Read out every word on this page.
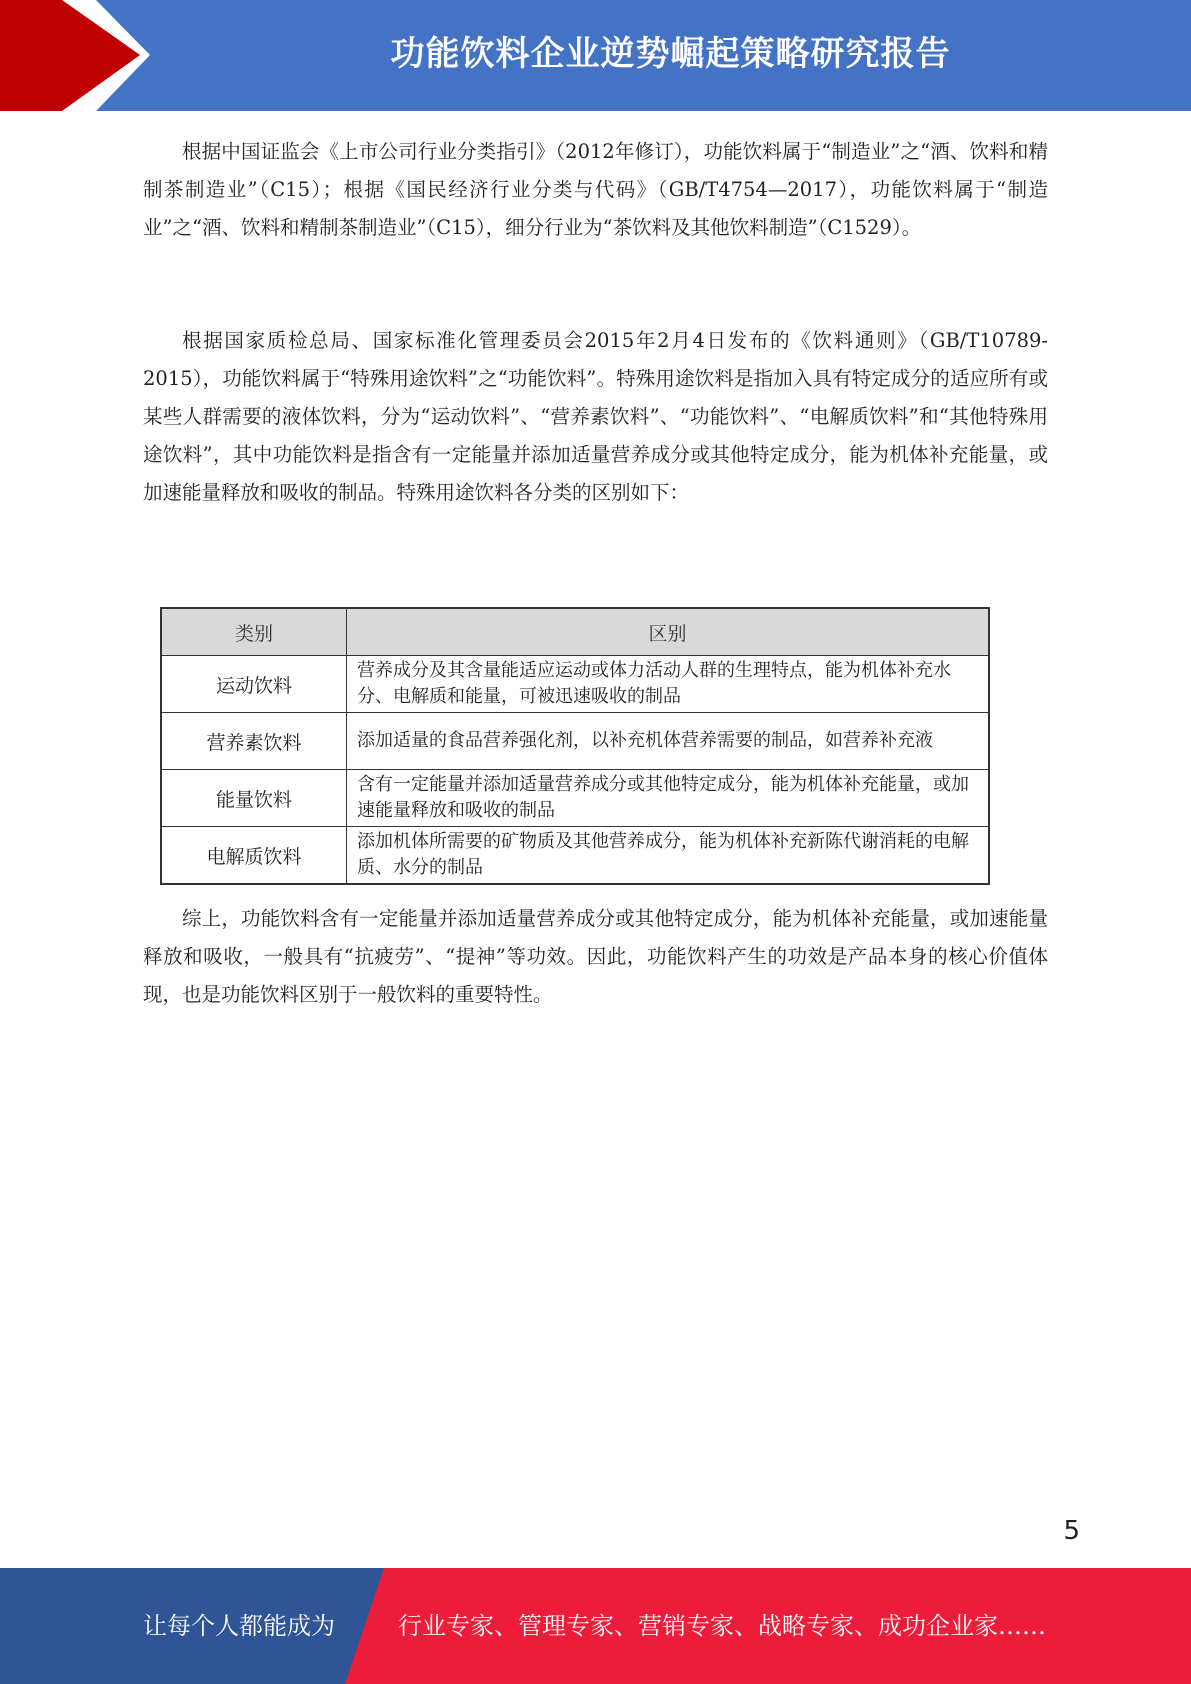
功能饮料企业逆势崛起策略研究报告

根据中国证监会《上市公司行业分类指引》（2012年修订），功能饮料属于“制造业”之“酒、饮料和精制茶制造业”（C15）；根据《国民经济行业分类与代码》（GB/T4754—2017），功能饮料属于“制造业”之“酒、饮料和精制茶制造业”（C15），细分行业为“茶饮料及其他饮料制造”（C1529）。

根据国家质检总局、国家标准化管理委员会2015年2月4日发布的《饮料通则》（GB/T10789-2015），功能饮料属于“特殊用途饮料”之“功能饮料”。特殊用途饮料是指加入具有特定成分的适应所有或某些人群需要的液体饮料，分为“运动饮料”、“营养素饮料”、“功能饮料”、“电解质饮料”和“其他特殊用途饮料”，其中功能饮料是指含有一定能量并添加适量营养成分或其他特定成分，能为机体补充能量，或加速能量释放和吸收的制品。特殊用途饮料各分类的区别如下：

类别	区别
运动饮料	营养成分及其含量能适应运动或体力活动人群的生理特点，能为机体补充水分、电解质和能量，可被迅速吸收的制品
营养素饮料	添加适量的食品营养强化剂，以补充机体营养需要的制品，如营养补充液
能量饮料	含有一定能量并添加适量营养成分或其他特定成分，能为机体补充能量，或加速能量释放和吸收的制品
电解质饮料	添加机体所需要的矿物质及其他营养成分，能为机体补充新陈代谢消耗的电解质、水分的制品

综上，功能饮料含有一定能量并添加适量营养成分或其他特定成分，能为机体补充能量，或加速能量释放和吸收，一般具有“抗疲劳”、“提神”等功效。因此，功能饮料产生的功效是产品本身的核心价值体现，也是功能饮料区别于一般饮料的重要特性。

5
让每个人都能成为	行业专家、管理专家、营销专家、战略专家、成功企业家……
